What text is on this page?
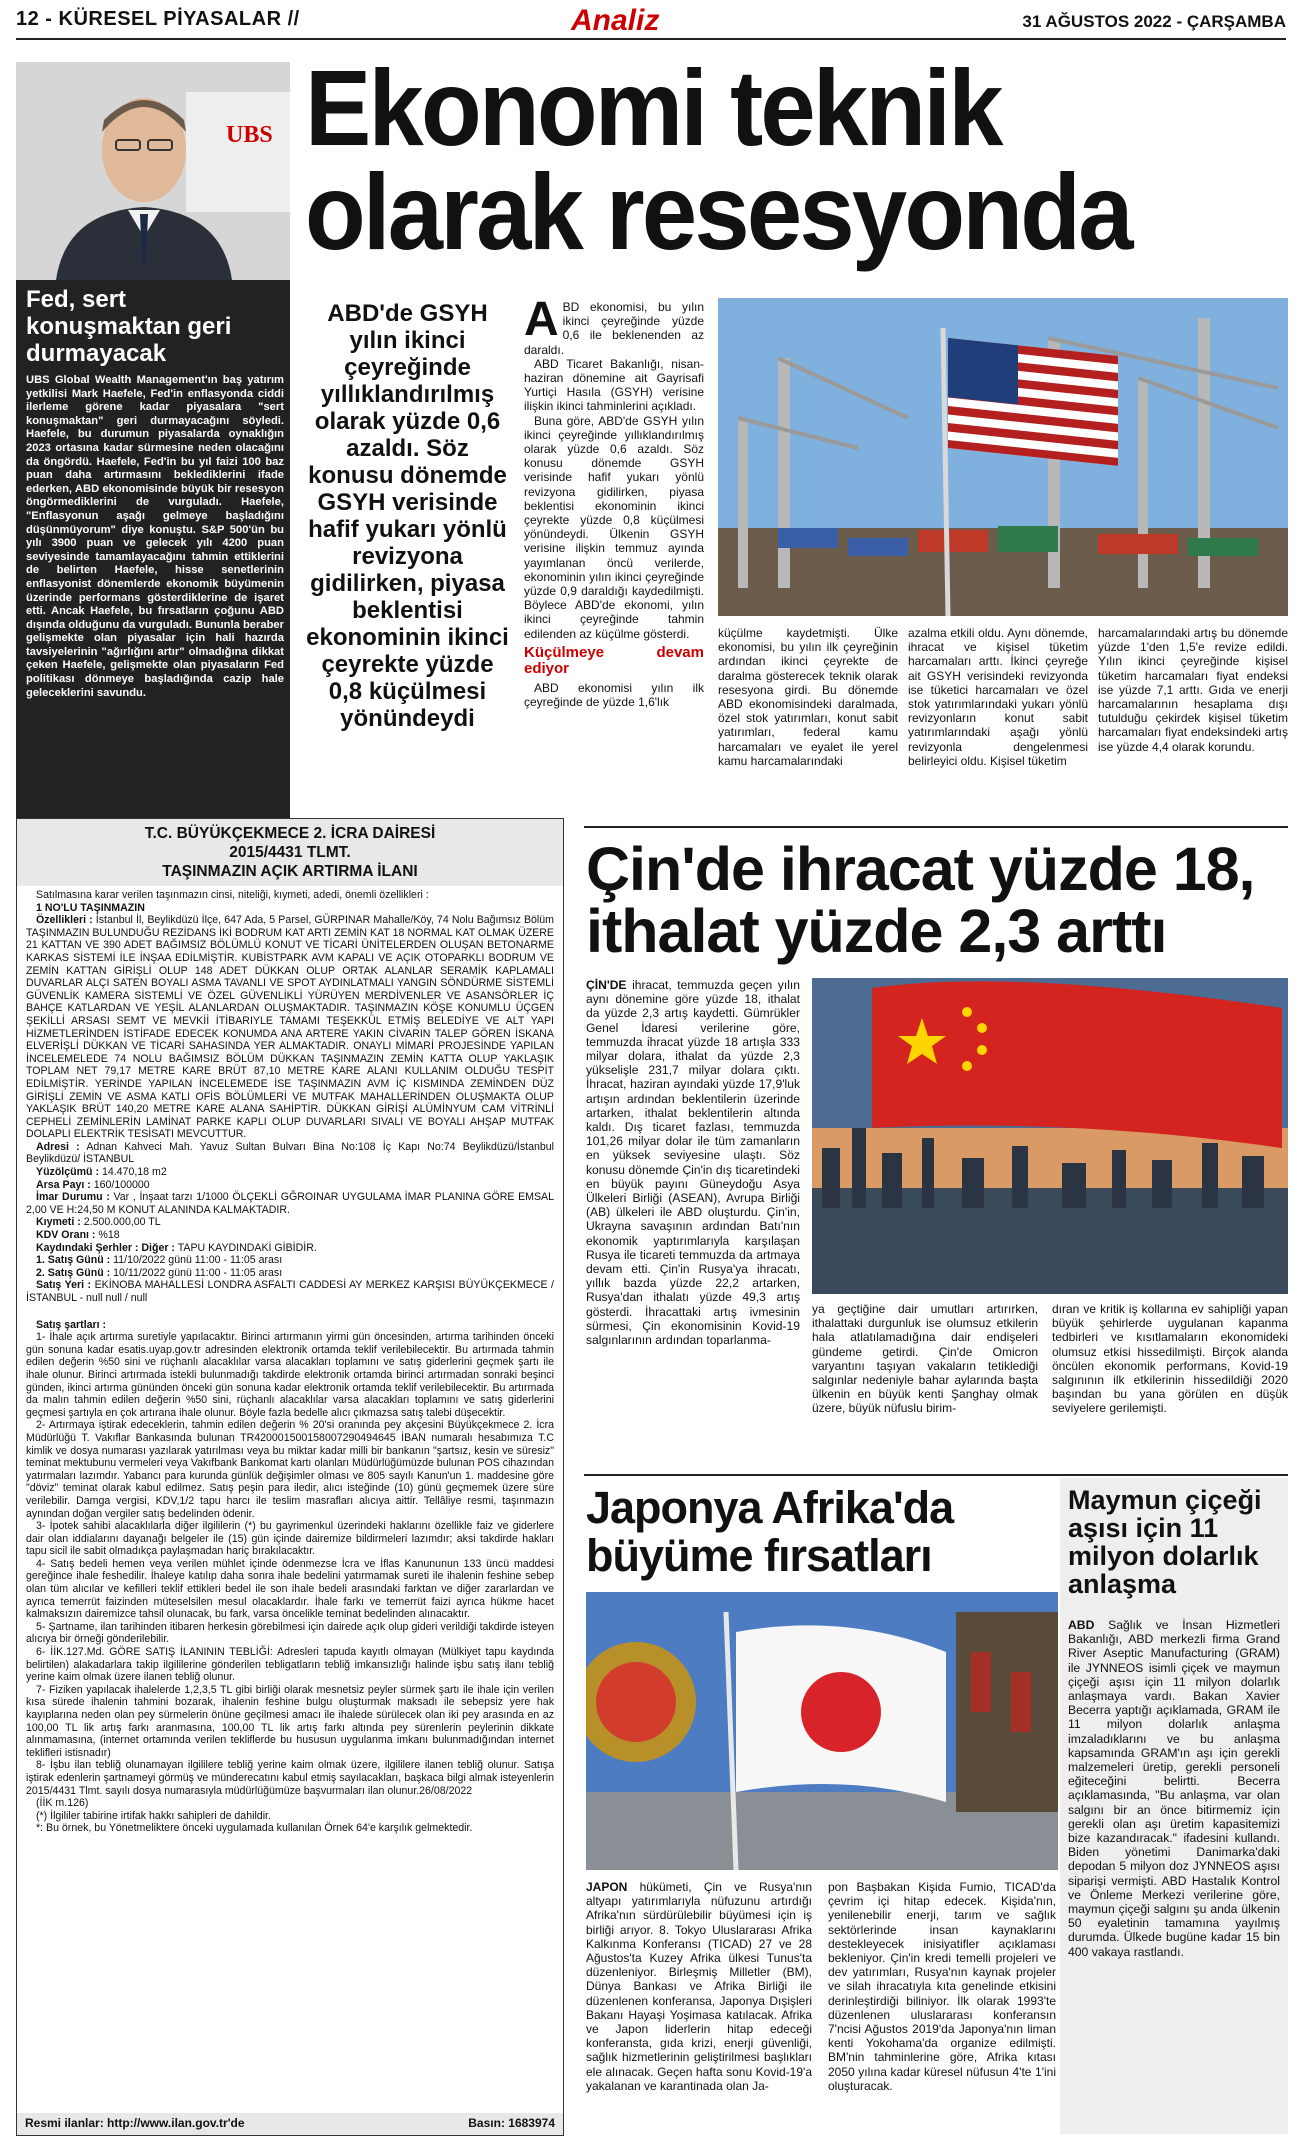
12 - KÜRESEL PİYASALAR //	Analiz	31 AĞUSTOS 2022 - ÇARŞAMBA
UBS
Fed, sert konuşmaktan geri durmayacak
UBS Global Wealth Management'ın baş yatırım yetkilisi Mark Haefele, Fed'in enflasyonda ciddi ilerleme görene kadar piyasalara "sert konuşmaktan" geri durmayacağını söyledi. Haefele, bu durumun piyasalarda oynaklığın 2023 ortasına kadar sürmesine neden olacağını da öngördü. Haefele, Fed'in bu yıl faizi 100 baz puan daha artırmasını beklediklerini ifade ederken, ABD ekonomisinde büyük bir resesyon öngörmediklerini de vurguladı. Haefele, "Enflasyonun aşağı gelmeye başladığını düşünmüyorum" diye konuştu. S&P 500'ün bu yılı 3900 puan ve gelecek yılı 4200 puan seviyesinde tamamlayacağını tahmin ettiklerini de belirten Haefele, hisse senetlerinin enflasyonist dönemlerde ekonomik büyümenin üzerinde performans gösterdiklerine de işaret etti. Ancak Haefele, bu fırsatların çoğunu ABD dışında olduğunu da vurguladı. Bununla beraber gelişmekte olan piyasalar için hali hazırda tavsiyelerinin "ağırlığını artır" olmadığına dikkat çeken Haefele, gelişmekte olan piyasaların Fed politikası dönmeye başladığında cazip hale geleceklerini savundu.
Ekonomi teknik olarak resesyonda
ABD'de GSYH yılın ikinci çeyreğinde yıllıklandırılmış olarak yüzde 0,6 azaldı. Söz konusu dönemde GSYH verisinde hafif yukarı yönlü revizyona gidilirken, piyasa beklentisi ekonominin ikinci çeyrekte yüzde 0,8 küçülmesi yönündeydi
ABD ekonomisi, bu yılın ikinci çeyreğinde yüzde 0,6 ile beklenenden az daraldı.
ABD Ticaret Bakanlığı, nisan-haziran dönemine ait Gayrisafi Yurtiçi Hasıla (GSYH) verisine ilişkin ikinci tahminlerini açıkladı.
Buna göre, ABD'de GSYH yılın ikinci çeyreğinde yıllıklandırılmış olarak yüzde 0,6 azaldı. Söz konusu dönemde GSYH verisinde hafif yukarı yönlü revizyona gidilirken, piyasa beklentisi ekonominin ikinci çeyrekte yüzde 0,8 küçülmesi yönündeydi. Ülkenin GSYH verisine ilişkin temmuz ayında yayımlanan öncü verilerde, ekonominin yılın ikinci çeyreğinde yüzde 0,9 daraldığı kaydedilmişti. Böylece ABD'de ekonomi, yılın ikinci çeyreğinde tahmin edilenden az küçülme gösterdi.
Küçülmeye devam ediyor
ABD ekonomisi yılın ilk çeyreğinde de yüzde 1,6'lık
küçülme kaydetmişti. Ülke ekonomisi, bu yılın ilk çeyreğinin ardından ikinci çeyrekte de daralma gösterecek teknik olarak resesyona girdi. Bu dönemde ABD ekonomisindeki daralmada, özel stok yatırımları, konut sabit yatırımları, federal kamu harcamaları ve eyalet ile yerel kamu harcamalarındaki
azalma etkili oldu. Aynı dönemde, ihracat ve kişisel tüketim harcamaları arttı. İkinci çeyreğe ait GSYH verisindeki revizyonda ise tüketici harcamaları ve özel stok yatırımlarındaki yukarı yönlü revizyonların konut sabit yatırımlarındaki aşağı yönlü revizyonla dengelenmesi belirleyici oldu. Kişisel tüketim
harcamalarındaki artış bu dönemde yüzde 1'den 1,5'e revize edildi. Yılın ikinci çeyreğinde kişisel tüketim harcamaları fiyat endeksi ise yüzde 7,1 arttı. Gıda ve enerji harcamalarının hesaplama dışı tutulduğu çekirdek kişisel tüketim harcamaları fiyat endeksindeki artış ise yüzde 4,4 olarak korundu.
T.C. BÜYÜKÇEKMECE 2. İCRA DAİRESİ
2015/4431 TLMT.
TAŞINMAZIN AÇIK ARTIRMA İLANI
Satılmasına karar verilen taşınmazın cinsi, niteliği, kıymeti, adedi, önemli özellikleri :
1 NO'LU TAŞINMAZIN
Özellikleri : İstanbul İl, Beylikdüzü İlçe, 647 Ada, 5 Parsel, GÜRPINAR Mahalle/Köy, 74 Nolu Bağımsız Bölüm TAŞINMAZIN BULUNDUĞU REZİDANS İKİ BODRUM KAT ARTI ZEMİN KAT 18 NORMAL KAT OLMAK ÜZERE 21 KATTAN VE 390 ADET BAĞIMSIZ BÖLÜMLÜ KONUT VE TİCARİ ÜNİTELERDEN OLUŞAN BETONARME KARKAS SİSTEMİ İLE İNŞAA EDİLMİŞTİR. KUBİSTPARK AVM KAPALI VE AÇIK OTOPARKLI BODRUM VE ZEMİN KATTAN GİRİŞLİ OLUP 148 ADET DÜKKAN OLUP ORTAK ALANLAR SERAMİK KAPLAMALI DUVARLAR ALÇI SATEN BOYALI ASMA TAVANLI VE SPOT AYDINLATMALI YANGIN SÖNDÜRME SİSTEMLİ GÜVENLİK KAMERA SİSTEMLİ VE ÖZEL GÜVENLİKLİ YÜRÜYEN MERDİVENLER VE ASANSÖRLER İÇ BAHÇE KATLARDAN VE YEŞİL ALANLARDAN OLUŞMAKTADIR. TAŞINMAZIN KÖŞE KONUMLU ÜÇGEN ŞEKİLLİ ARSASI SEMT VE MEVKİİ İTİBARIYLE TAMAMI TEŞEKKÜL ETMİŞ BELEDİYE VE ALT YAPI HİZMETLERİNDEN İSTİFADE EDECEK KONUMDA ANA ARTERE YAKIN CİVARIN TALEP GÖREN İSKANA ELVERİŞLİ DÜKKAN VE TİCARİ SAHASINDA YER ALMAKTADIR. ONAYLI MİMARİ PROJESİNDE YAPILAN İNCELEMELEDE 74 NOLU BAĞIMSIZ BÖLÜM DÜKKAN TAŞINMAZIN ZEMİN KATTA OLUP YAKLAŞIK TOPLAM NET 79,17 METRE KARE BRÜT 87,10 METRE KARE ALANI KULLANIM OLDUĞU TESPİT EDİLMİŞTİR. YERİNDE YAPILAN İNCELEMEDE İSE TAŞINMAZIN AVM İÇ KISMINDA ZEMİNDEN DÜZ GİRİŞLİ ZEMİN VE ASMA KATLI OFİS BÖLÜMLERİ VE MUTFAK MAHALLERİNDEN OLUŞMAKTA OLUP YAKLAŞIK BRÜT 140,20 METRE KARE ALANA SAHİPTİR. DÜKKAN GİRİŞİ ALÜMİNYUM CAM VİTRİNLİ CEPHELİ ZEMİNLERİN LAMİNAT PARKE KAPLI OLUP DUVARLARI SIVALI VE BOYALI AHŞAP MUTFAK DOLAPLI ELEKTRİK TESİSATI MEVCUTTUR.
Adresi : Adnan Kahveci Mah. Yavuz Sultan Bulvarı Bina No:108 İç Kapı No:74 Beylikdüzü/İstanbul Beylikdüzü/ İSTANBUL
Yüzölçümü : 14.470,18 m2
Arsa Payı : 160/100000
İmar Durumu : Var , İnşaat tarzı 1/1000 ÖLÇEKLİ GĞROINAR UYGULAMA İMAR PLANINA GÖRE EMSAL 2,00 VE H:24,50 M KONUT ALANINDA KALMAKTADIR.
Kıymeti : 2.500.000,00 TL
KDV Oranı : %18
Kaydındaki Şerhler : Diğer : TAPU KAYDINDAKİ GİBİDİR.
1. Satış Günü : 11/10/2022 günü 11:00 - 11:05 arası
2. Satış Günü : 10/11/2022 günü 11:00 - 11:05 arası
Satış Yeri : EKİNOBA MAHALLESİ LONDRA ASFALTI CADDESİ AY MERKEZ KARŞISI BÜYÜKÇEKMECE / İSTANBUL - null null / null
Satış şartları :
1- İhale açık artırma suretiyle yapılacaktır. Birinci artırmanın yirmi gün öncesinden, artırma tarihinden önceki gün sonuna kadar esatis.uyap.gov.tr adresinden elektronik ortamda teklif verilebilecektir. Bu artırmada tahmin edilen değerin %50 sini ve rüçhanlı alacaklılar varsa alacakları toplamını ve satış giderlerini geçmek şartı ile ihale olunur. Birinci artırmada istekli bulunmadığı takdirde elektronik ortamda birinci artırmadan sonraki beşinci günden, ikinci artırma gününden önceki gün sonuna kadar elektronik ortamda teklif verilebilecektir. Bu artırmada da malın tahmin edilen değerin %50 sini, rüçhanlı alacaklılar varsa alacakları toplamını ve satış giderlerini geçmesi şartıyla en çok artırana ihale olunur. Böyle fazla bedelle alıcı çıkmazsa satış talebi düşecektir.
2- Artırmaya iştirak edeceklerin, tahmin edilen değerin % 20'si oranında pey akçesini Büyükçekmece 2. İcra Müdürlüğü T. Vakıflar Bankasında bulunan TR420001500158007290494645 İBAN numaralı hesabımıza T.C kimlik ve dosya numarası yazılarak yatırılması veya bu miktar kadar milli bir bankanın "şartsız, kesin ve süresiz" teminat mektubunu vermeleri veya Vakıfbank Bankomat kartı olanları Müdürlüğümüzde bulunan POS cihazından yatırmaları lazımdır. Yabancı para kurunda günlük değişimler olması ve 805 sayılı Kanun'un 1. maddesine göre "döviz" teminat olarak kabul edilmez. Satış peşin para iledir, alıcı isteğinde (10) günü geçmemek üzere süre verilebilir. Damga vergisi, KDV,1/2 tapu harcı ile teslim masrafları alıcıya aittir. Tellâliye resmi, taşınmazın aynından doğan vergiler satış bedelinden ödenir.
3- İpotek sahibi alacaklılarla diğer ilgililerin (*) bu gayrimenkul üzerindeki haklarını özellikle faiz ve giderlere dair olan iddialarını dayanağı belgeler ile (15) gün içinde dairemize bildirmeleri lazımdır; aksi takdirde hakları tapu sicil ile sabit olmadıkça paylaşmadan hariç bırakılacaktır.
4- Satış bedeli hemen veya verilen mühlet içinde ödenmezse İcra ve İflas Kanununun 133 üncü maddesi gereğince ihale feshedilir. İhaleye katılıp daha sonra ihale bedelini yatırmamak sureti ile ihalenin feshine sebep olan tüm alıcılar ve kefilleri teklif ettikleri bedel ile son ihale bedeli arasındaki farktan ve diğer zararlardan ve ayrıca temerrüt faizinden müteselsilen mesul olacaklardır. İhale farkı ve temerrüt faizi ayrıca hükme hacet kalmaksızın dairemizce tahsil olunacak, bu fark, varsa öncelikle teminat bedelinden alınacaktır.
5- Şartname, ilan tarihinden itibaren herkesin görebilmesi için dairede açık olup gideri verildiği takdirde isteyen alıcıya bir örneği gönderilebilir.
6- İİK.127.Md. GÖRE SATIŞ İLANININ TEBLİĞİ: Adresleri tapuda kayıtlı olmayan (Mülkiyet tapu kaydında belirtilen) alakadarlara takip ilgililerine gönderilen tebligatların tebliğ imkansızlığı halinde işbu satış ilanı tebliğ yerine kaim olmak üzere ilanen tebliğ olunur.
7- Fiziken yapılacak ihalelerde 1,2,3,5 TL gibi birliği olarak mesnetsiz peyler sürmek şartı ile ihale için verilen kısa sürede ihalenin tahmini bozarak, ihalenin feshine bulgu oluşturmak maksadı ile sebepsiz yere hak kayıplarına neden olan pey sürmelerin önüne geçilmesi amacı ile ihalede sürülecek olan iki pey arasında en az 100,00 TL lik artış farkı aranmasına, 100,00 TL lik artış farkı altında pey sürenlerin peylerinin dikkate alınmamasına, (internet ortamında verilen tekliflerde bu hususun uygulanma imkanı bulunmadığından internet teklifleri istisnadır)
8- İşbu ilan tebliğ olunamayan ilgililere tebliğ yerine kaim olmak üzere, ilgililere ilanen tebliğ olunur. Satışa iştirak edenlerin şartnameyi görmüş ve münderecatını kabul etmiş sayılacakları, başkaca bilgi almak isteyenlerin 2015/4431 Tlmt. sayılı dosya numarasıyla müdürlüğümüze başvurmaları ilan olunur.26/08/2022
(İİK m.126)
(*) İlgililer tabirine irtifak hakkı sahipleri de dahildir.
*: Bu örnek, bu Yönetmeliktere önceki uygulamada kullanılan Örnek 64'e karşılık gelmektedir.
Resmi ilanlar: http://www.ilan.gov.tr'de	Basın: 1683974
Çin'de ihracat yüzde 18, ithalat yüzde 2,3 arttı
ÇİN'DE ihracat, temmuzda geçen yılın aynı dönemine göre yüzde 18, ithalat da yüzde 2,3 artış kaydetti. Gümrükler Genel İdaresi verilerine göre, temmuzda ihracat yüzde 18 artışla 333 milyar dolara, ithalat da yüzde 2,3 yükselişle 231,7 milyar dolara çıktı. İhracat, haziran ayındaki yüzde 17,9'luk artışın ardından beklentilerin üzerinde artarken, ithalat beklentilerin altında kaldı. Dış ticaret fazlası, temmuzda 101,26 milyar dolar ile tüm zamanların en yüksek seviyesine ulaştı. Söz konusu dönemde Çin'in dış ticaretindeki en büyük payını Güneydoğu Asya Ülkeleri Birliği (ASEAN), Avrupa Birliği (AB) ülkeleri ile ABD oluşturdu. Çin'in, Ukrayna savaşının ardından Batı'nın ekonomik yaptırımlarıyla karşılaşan Rusya ile ticareti temmuzda da artmaya devam etti. Çin'in Rusya'ya ihracatı, yıllık bazda yüzde 22,2 artarken, Rusya'dan ithalatı yüzde 49,3 artış gösterdi. İhracattaki artış ivmesinin sürmesi, Çin ekonomisinin Kovid-19 salgınlarının ardından toparlanma-
ya geçtiğine dair umutları artırırken, ithalattaki durgunluk ise olumsuz etkilerin hala atlatılamadığına dair endişeleri gündeme getirdi. Çin'de Omicron varyantını taşıyan vakaların tetiklediği salgınlar nedeniyle bahar aylarında başta ülkenin en büyük kenti Şanghay olmak üzere, büyük nüfuslu birim-
dıran ve kritik iş kollarına ev sahipliği yapan büyük şehirlerde uygulanan kapanma tedbirleri ve kısıtlamaların ekonomideki olumsuz etkisi hissedilmişti. Birçok alanda öncülen ekonomik performans, Kovid-19 salgınının ilk etkilerinin hissedildiği 2020 başından bu yana görülen en düşük seviyelere gerilemişti.
Japonya Afrika'da büyüme fırsatları
JAPON hükümeti, Çin ve Rusya'nın altyapı yatırımlarıyla nüfuzunu artırdığı Afrika'nın sürdürülebilir büyümesi için iş birliği arıyor. 8. Tokyo Uluslararası Afrika Kalkınma Konferansı (TICAD) 27 ve 28 Ağustos'ta Kuzey Afrika ülkesi Tunus'ta düzenleniyor. Birleşmiş Milletler (BM), Dünya Bankası ve Afrika Birliği ile düzenlenen konferansa, Japonya Dışişleri Bakanı Hayaşi Yoşimasa katılacak. Afrika ve Japon liderlerin hitap edeceği konferansta, gıda krizi, enerji güvenliği, sağlık hizmetlerinin geliştirilmesi başlıkları ele alınacak. Geçen hafta sonu Kovid-19'a yakalanan ve karantinada olan Ja-
pon Başbakan Kişida Fumio, TICAD'da çevrim içi hitap edecek. Kişida'nın, yenilenebilir enerji, tarım ve sağlık sektörlerinde insan kaynaklarını destekleyecek inisiyatifler açıklaması bekleniyor. Çin'in kredi temelli projeleri ve dev yatırımları, Rusya'nın kaynak projeler ve silah ihracatıyla kıta genelinde etkisini derinleştirdiği biliniyor. İlk olarak 1993'te düzenlenen uluslararası konferansın 7'ncisi Ağustos 2019'da Japonya'nın liman kenti Yokohama'da organize edilmişti. BM'nin tahminlerine göre, Afrika kıtası 2050 yılına kadar küresel nüfusun 4'te 1'ini oluşturacak.
Maymun çiçeği aşısı için 11 milyon dolarlık anlaşma
ABD Sağlık ve İnsan Hizmetleri Bakanlığı, ABD merkezli firma Grand River Aseptic Manufacturing (GRAM) ile JYNNEOS isimli çiçek ve maymun çiçeği aşısı için 11 milyon dolarlık anlaşmaya vardı. Bakan Xavier Becerra yaptığı açıklamada, GRAM ile 11 milyon dolarlık anlaşma imzaladıklarını ve bu anlaşma kapsamında GRAM'ın aşı için gerekli malzemeleri üretip, gerekli personeli eğiteceğini belirtti. Becerra açıklamasında, "Bu anlaşma, var olan salgını bir an önce bitirmemiz için gerekli olan aşı üretim kapasitemizi bize kazandıracak." ifadesini kullandı. Biden yönetimi Danimarka'daki depodan 5 milyon doz JYNNEOS aşısı siparişi vermişti. ABD Hastalık Kontrol ve Önleme Merkezi verilerine göre, maymun çiçeği salgını şu anda ülkenin 50 eyaletinin tamamına yayılmış durumda. Ülkede bugüne kadar 15 bin 400 vakaya rastlandı.
